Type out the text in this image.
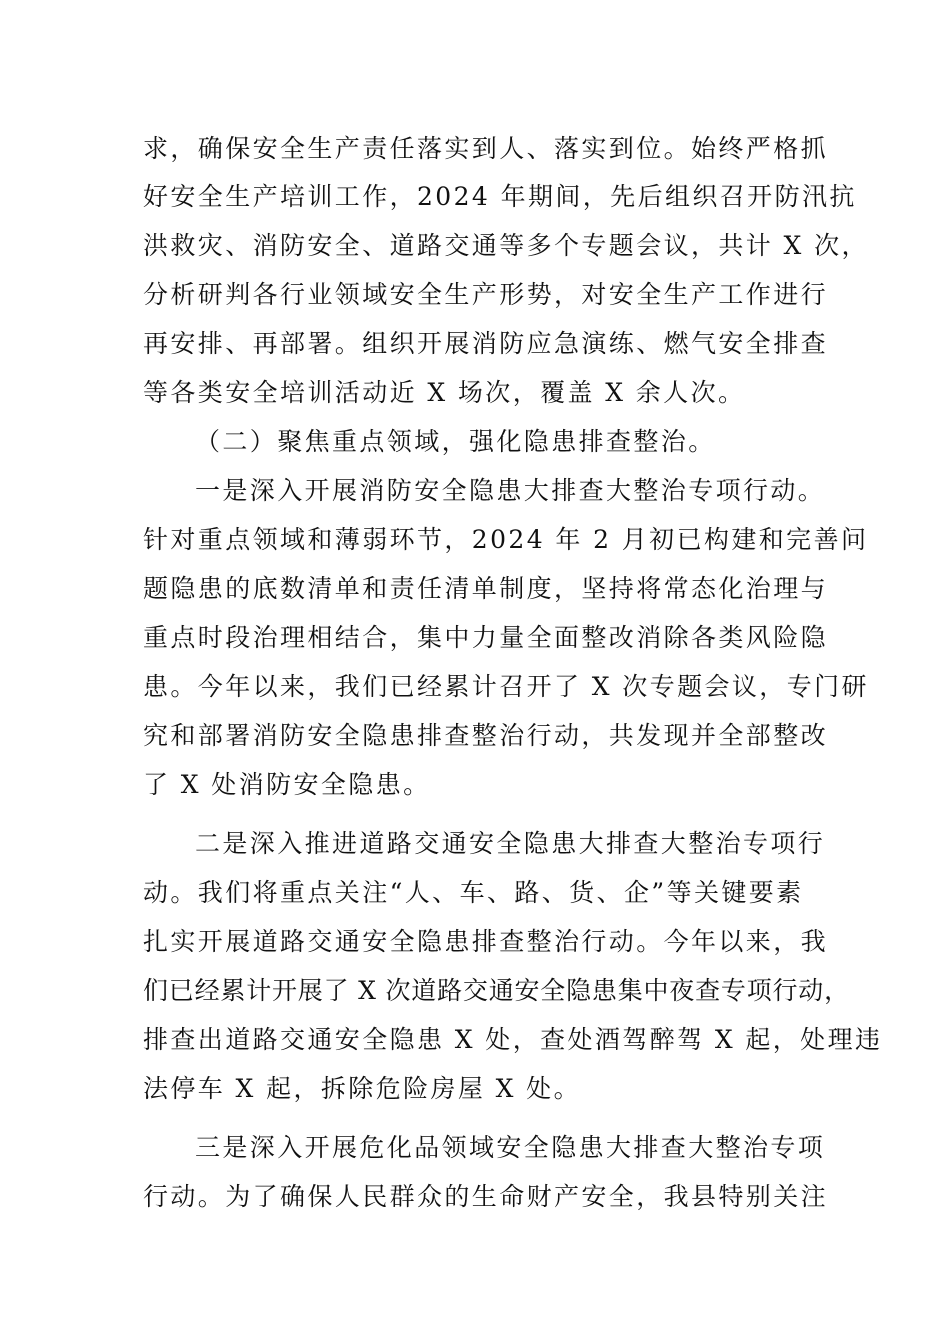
求，确保安全生产责任落实到人、落实到位。始终严格抓
好安全生产培训工作，2024 年期间，先后组织召开防汛抗
洪救灾、消防安全、道路交通等多个专题会议，共计 X 次，
分析研判各行业领域安全生产形势，对安全生产工作进行
再安排、再部署。组织开展消防应急演练、燃气安全排查
等各类安全培训活动近 X 场次，覆盖 X 余人次。
（二）聚焦重点领域，强化隐患排查整治。
一是深入开展消防安全隐患大排查大整治专项行动。
针对重点领域和薄弱环节，2024 年 2 月初已构建和完善问
题隐患的底数清单和责任清单制度，坚持将常态化治理与
重点时段治理相结合，集中力量全面整改消除各类风险隐
患。今年以来，我们已经累计召开了 X 次专题会议，专门研
究和部署消防安全隐患排查整治行动，共发现并全部整改
了 X 处消防安全隐患。
二是深入推进道路交通安全隐患大排查大整治专项行
动。我们将重点关注“人、车、路、货、企”等关键要素
扎实开展道路交通安全隐患排查整治行动。今年以来，我
们已经累计开展了 X 次道路交通安全隐患集中夜查专项行动，
排查出道路交通安全隐患 X 处，查处酒驾醉驾 X 起，处理违
法停车 X 起，拆除危险房屋 X 处。
三是深入开展危化品领域安全隐患大排查大整治专项
行动。为了确保人民群众的生命财产安全，我县特别关注
